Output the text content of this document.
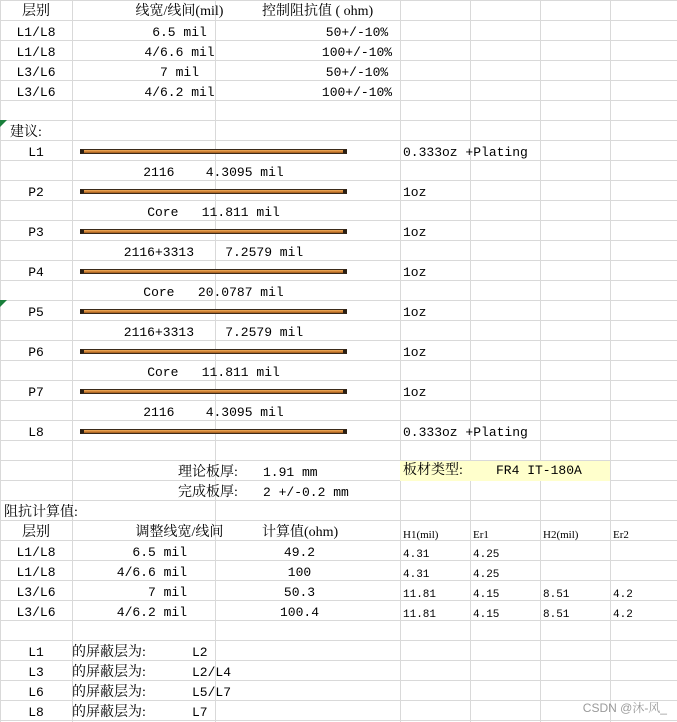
层别	线宽/线间(mil)	控制阻抗值 ( ohm)
L1/L8	6.5 mil	50+/-10%
L1/L8	4/6.6 mil	100+/-10%
L3/L6	7 mil	50+/-10%
L3/L6	4/6.2 mil	100+/-10%
建议:
L1	0.333oz +Plating
2116    4.3095 mil
P2	1oz
Core   11.811 mil
P3	1oz
2116+3313    7.2579 mil
P4	1oz
Core   20.0787 mil
P5	1oz
2116+3313    7.2579 mil
P6	1oz
Core   11.811 mil
P7	1oz
2116    4.3095 mil
L8	0.333oz +Plating
理论板厚: 1.91 mm	板材类型:	FR4 IT-180A
完成板厚: 2 +/-0.2 mm
阻抗计算值:
层别	调整线宽/线间	计算值(ohm)	H1(mil)	Er1	H2(mil)	Er2
L1/L8	6.5 mil	49.2	4.31	4.25
L1/L8	4/6.6 mil	100	4.31	4.25
L3/L6	7 mil	50.3	11.81	4.15	8.51	4.2
L3/L6	4/6.2 mil	100.4	11.81	4.15	8.51	4.2
L1	的屏蔽层为:	L2
L3	的屏蔽层为:	L2/L4
L6	的屏蔽层为:	L5/L7
L8	的屏蔽层为:	L7	CSDN @沐-风_
